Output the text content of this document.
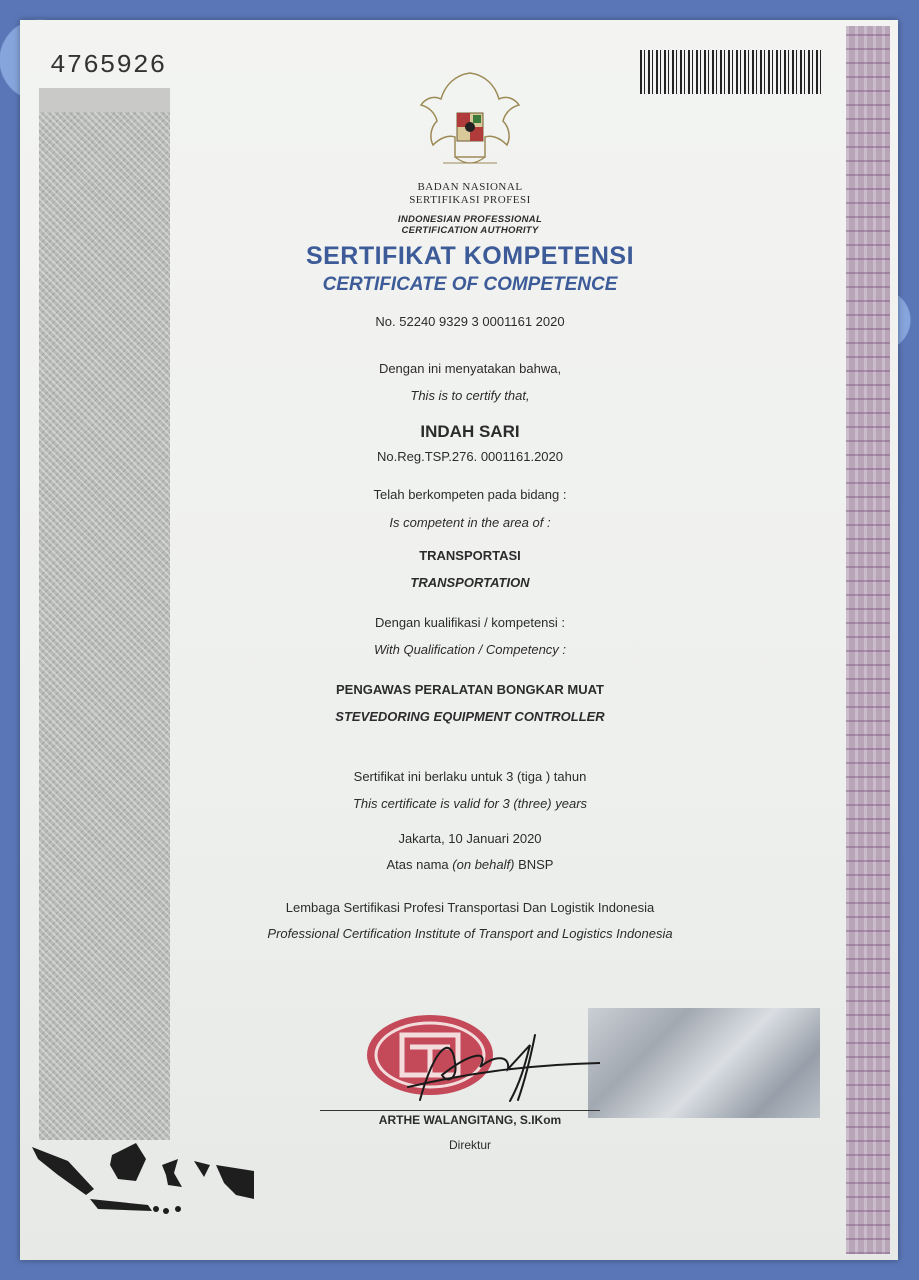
4765926
BADAN NASIONAL
SERTIFIKASI PROFESI
INDONESIAN PROFESSIONAL
CERTIFICATION AUTHORITY
SERTIFIKAT KOMPETENSI
CERTIFICATE OF COMPETENCE
No. 52240 9329 3 0001161 2020
Dengan ini menyatakan bahwa,
This is to certify that,
INDAH SARI
No.Reg.TSP.276. 0001161.2020
Telah berkompeten pada bidang :
Is competent in the area of :
TRANSPORTASI
TRANSPORTATION
Dengan kualifikasi / kompetensi :
With Qualification / Competency :
PENGAWAS PERALATAN BONGKAR MUAT
STEVEDORING EQUIPMENT CONTROLLER
Sertifikat ini berlaku untuk 3 (tiga ) tahun
This certificate is valid for 3 (three) years
Jakarta, 10 Januari 2020
Atas nama (on behalf) BNSP
Lembaga Sertifikasi Profesi Transportasi Dan Logistik Indonesia
Professional Certification Institute of Transport and Logistics Indonesia
ARTHE WALANGITANG, S.IKom
Direktur
